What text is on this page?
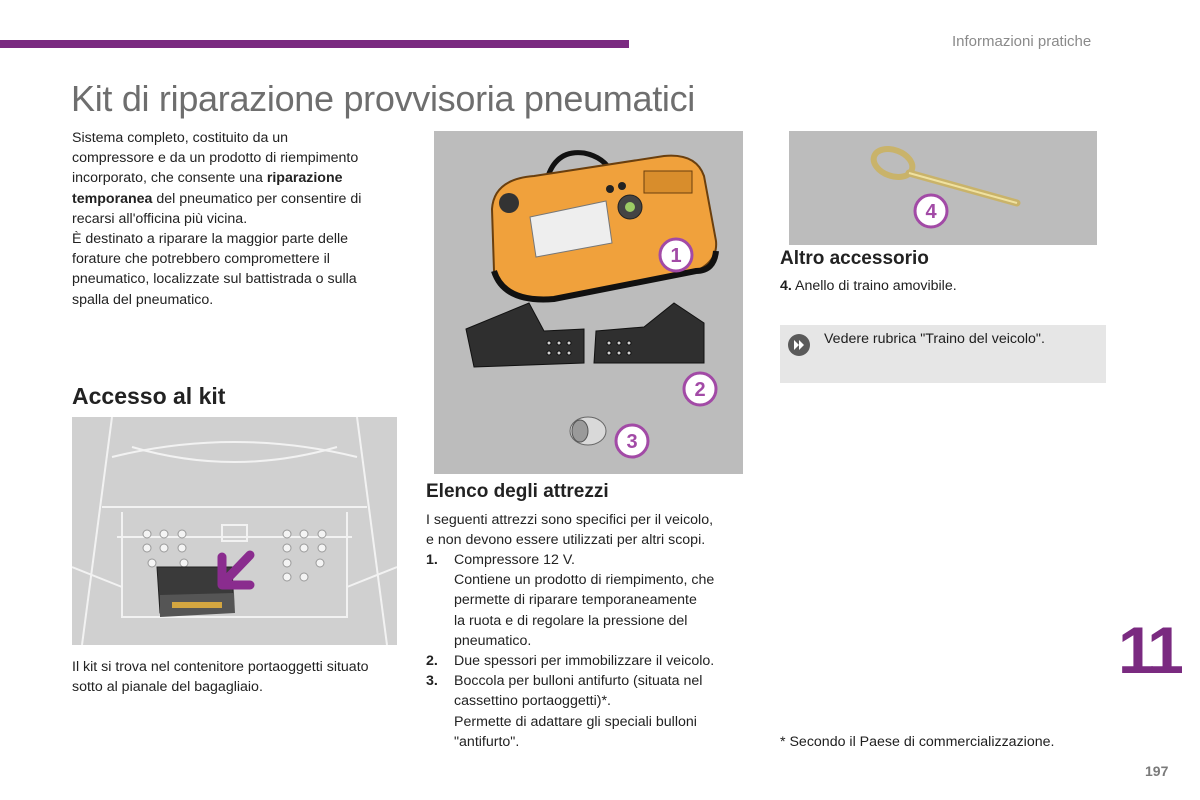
Informazioni pratiche
Kit di riparazione provvisoria pneumatici
Sistema completo, costituito da un
compressore e da un prodotto di riempimento
incorporato, che consente una riparazione
temporanea del pneumatico per consentire di
recarsi all'officina più vicina.
È destinato a riparare la maggior parte delle
forature che potrebbero compromettere il
pneumatico, localizzate sul battistrada o sulla
spalla del pneumatico.
Accesso al kit
Il kit si trova nel contenitore portaoggetti situato
sotto al pianale del bagagliaio.
1
2
3
Elenco degli attrezzi
I seguenti attrezzi sono specifici per il veicolo,
e non devono essere utilizzati per altri scopi.
1. Compressore 12 V.
Contiene un prodotto di riempimento, che
permette di riparare temporaneamente
la ruota e di regolare la pressione del
pneumatico.
2. Due spessori per immobilizzare il veicolo.
3. Boccola per bulloni antifurto (situata nel
cassettino portaoggetti)*.
Permette di adattare gli speciali bulloni
"antifurto".
4
Altro accessorio
4. Anello di traino amovibile.
Vedere rubrica "Traino del veicolo".
* Secondo il Paese di commercializzazione.
11
197
